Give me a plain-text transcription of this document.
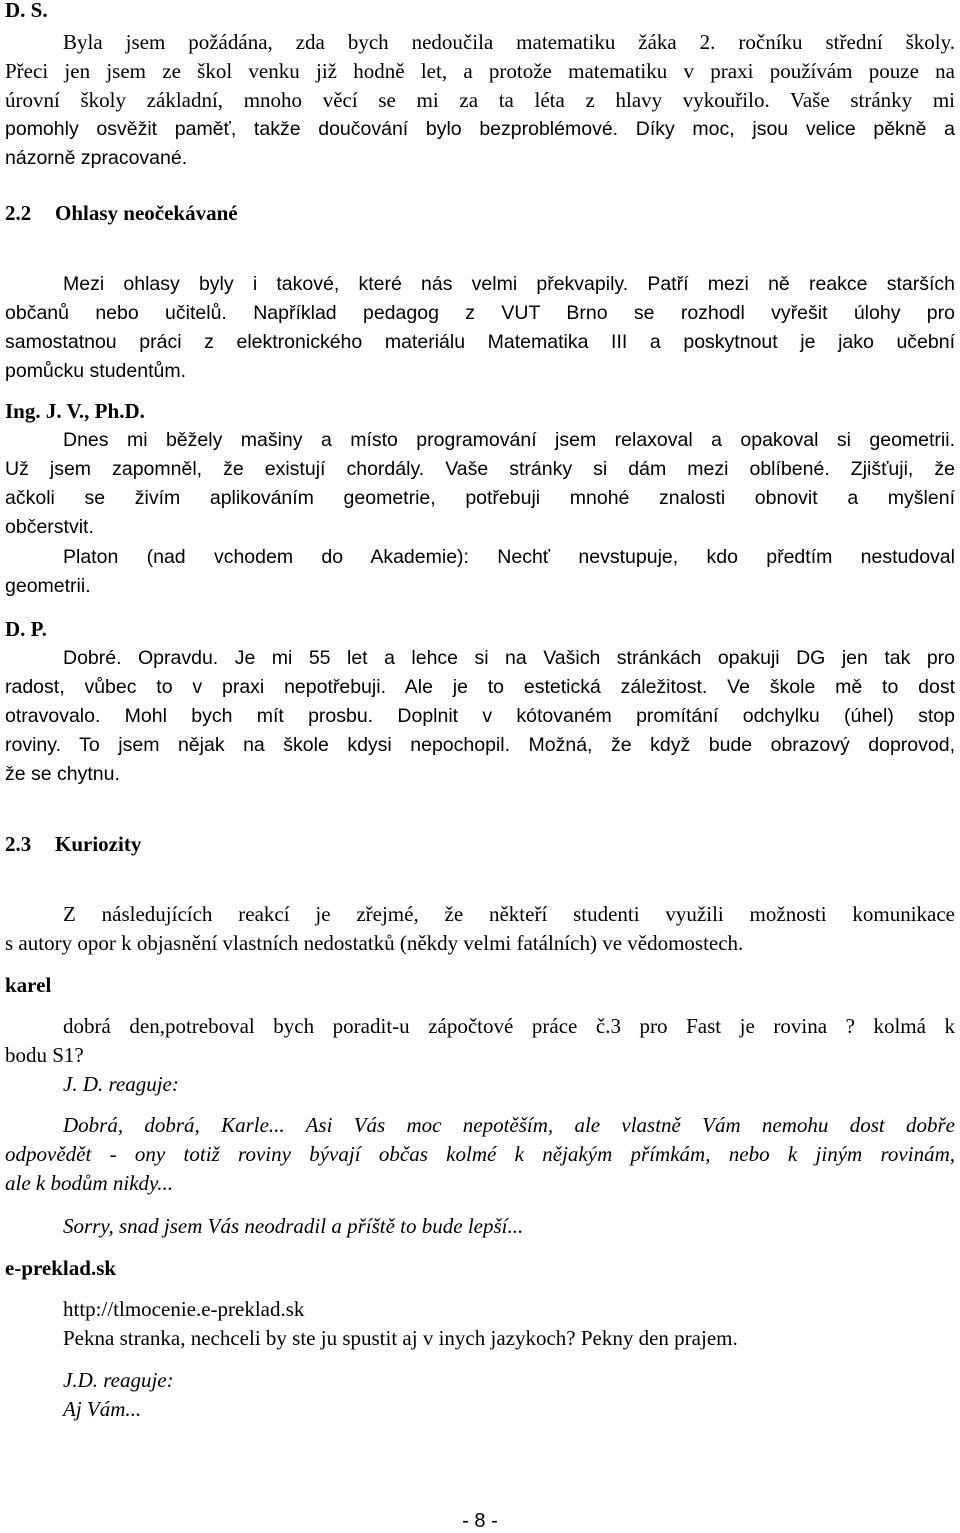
D. S.
Byla jsem požádána, zda bych nedoučila matematiku žáka 2. ročníku střední školy.
Přeci jen jsem ze škol venku již hodně let, a protože matematiku v praxi používám pouze na
úrovní školy základní, mnoho věcí se mi za ta léta z hlavy vykouřilo. Vaše stránky mi
pomohly osvěžit paměť, takže doučování bylo bezproblémové. Díky moc, jsou velice pěkně a
názorně zpracované.
2.2 Ohlasy neočekávané
Mezi ohlasy byly i takové, které nás velmi překvapily. Patří mezi ně reakce starších
občanů nebo učitelů. Například pedagog z VUT Brno se rozhodl vyřešit úlohy pro
samostatnou práci z elektronického materiálu Matematika III a poskytnout je jako učební
pomůcku studentům.
Ing. J. V., Ph.D.
Dnes mi běžely mašiny a místo programování jsem relaxoval a opakoval si geometrii.
Už jsem zapomněl, že existují chordály. Vaše stránky si dám mezi oblíbené. Zjišťuji, že
ačkoli se živím aplikováním geometrie, potřebuji mnohé znalosti obnovit a myšlení
občerstvit.
Platon (nad vchodem do Akademie): Nechť nevstupuje, kdo předtím nestudoval
geometrii.
D. P.
Dobré. Opravdu. Je mi 55 let a lehce si na Vašich stránkách opakuji DG jen tak pro
radost, vůbec to v praxi nepotřebuji. Ale je to estetická záležitost. Ve škole mě to dost
otravovalo. Mohl bych mít prosbu. Doplnit v kótovaném promítání odchylku (úhel) stop
roviny. To jsem nějak na škole kdysi nepochopil. Možná, že když bude obrazový doprovod,
že se chytnu.
2.3 Kuriozity
Z následujících reakcí je zřejmé, že někteří studenti využili možnosti komunikace
s autory opor k objasnění vlastních nedostatků (někdy velmi fatálních) ve vědomostech.
karel
dobrá den,potreboval bych poradit-u zápočtové práce č.3 pro Fast je rovina ? kolmá k
bodu S1?
J. D. reaguje:
Dobrá, dobrá, Karle... Asi Vás moc nepotěším, ale vlastně Vám nemohu dost dobře
odpovědět - ony totiž roviny bývají občas kolmé k nějakým přímkám, nebo k jiným rovinám,
ale k bodům nikdy...
Sorry, snad jsem Vás neodradil a příště to bude lepší...
e-preklad.sk
http://tlmocenie.e-preklad.sk
Pekna stranka, nechceli by ste ju spustit aj v inych jazykoch? Pekny den prajem.
J.D. reaguje:
Aj Vám...
- 8 -
